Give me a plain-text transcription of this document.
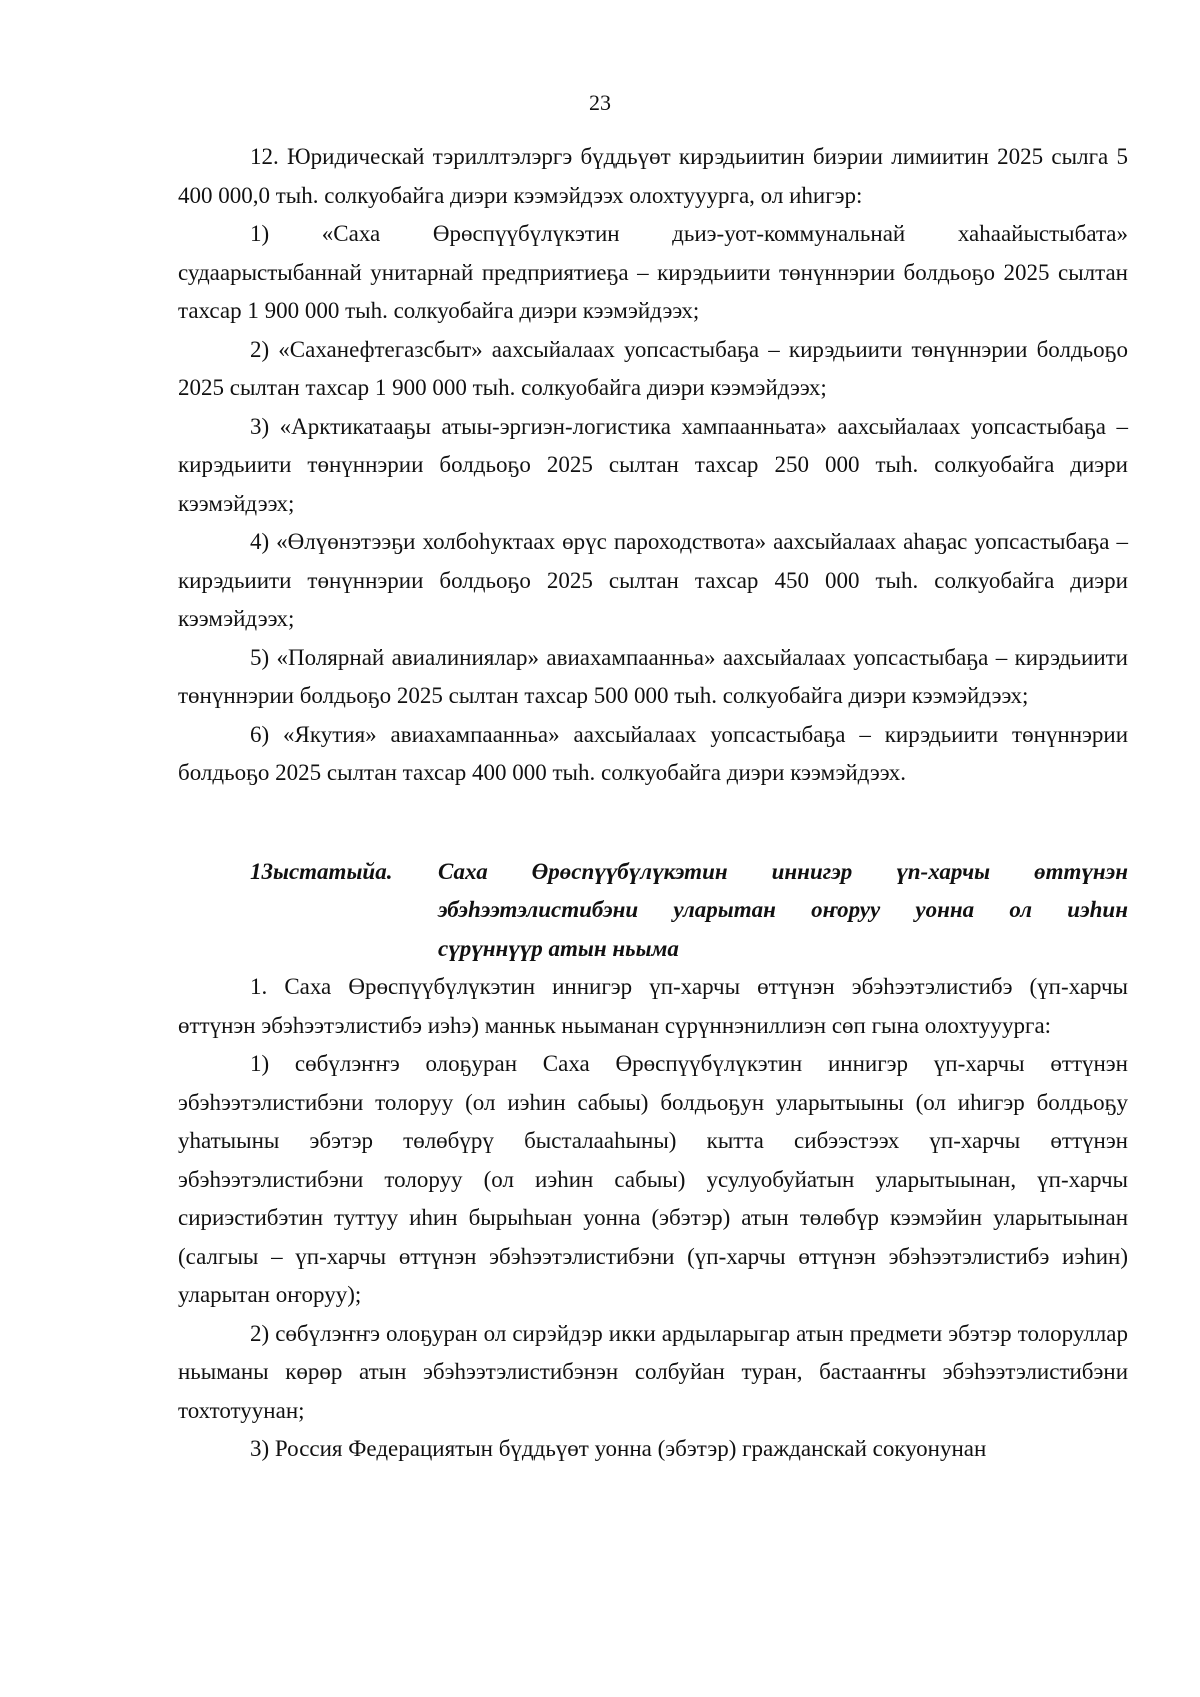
23

12. Юридическай тэриллтэлэргэ бүддьүөт кирэдьиитин биэрии лимиитин 2025 сылга 5 400 000,0 тыһ. солкуобайга диэри кээмэйдээх олохтууурга, ол иһигэр:

1) «Саха Өрөспүүбүлүкэтин дьиэ-уот-коммунальнай хаһаайыстыбата» судаарыстыбаннай унитарнай предприятиеҕа – кирэдьиити төнүннэрии болдьоҕо 2025 сылтан тахсар 1 900 000 тыһ. солкуобайга диэри кээмэйдээх;

2) «Саханефтегазсбыт» аахсыйалаах уопсастыбаҕа – кирэдьиити төнүннэрии болдьоҕо 2025 сылтан тахсар 1 900 000 тыһ. солкуобайга диэри кээмэйдээх;

3) «Арктикатааҕы атыы-эргиэн-логистика хампаанньата» аахсыйалаах уопсастыбаҕа – кирэдьиити төнүннэрии болдьоҕо 2025 сылтан тахсар 250 000 тыһ. солкуобайга диэри кээмэйдээх;

4) «Өлүөнэтээҕи холбоһуктаах өрүс пароходствота» аахсыйалаах аһаҕас уопсастыбаҕа – кирэдьиити төнүннэрии болдьоҕо 2025 сылтан тахсар 450 000 тыһ. солкуобайга диэри кээмэйдээх;

5) «Полярнай авиалиниялар» авиахампаанньа» аахсыйалаах уопсастыбаҕа – кирэдьиити төнүннэрии болдьоҕо 2025 сылтан тахсар 500 000 тыһ. солкуобайга диэри кээмэйдээх;

6) «Якутия» авиахампаанньа» аахсыйалаах уопсастыбаҕа – кирэдьиити төнүннэрии болдьоҕо 2025 сылтан тахсар 400 000 тыһ. солкуобайга диэри кээмэйдээх.

13 ыстатыйа. Саха Өрөспүүбүлүкэтин иннигэр үп-харчы өттүнэн
эбэһээтэлистибэни уларытан оҥоруу уонна ол иэһин
сүрүннүүр атын ньыма

1. Саха Өрөспүүбүлүкэтин иннигэр үп-харчы өттүнэн эбэһээтэлистибэ (үп-харчы өттүнэн эбэһээтэлистибэ иэһэ) манньк ньыманан сүрүннэниллиэн сөп гына олохтууурга:

1) сөбүлэҥҥэ олоҕуран Саха Өрөспүүбүлүкэтин иннигэр үп-харчы өттүнэн эбэһээтэлистибэни толоруу (ол иэһин сабыы) болдьоҕун уларытыыны (ол иһигэр болдьоҕу уһатыыны эбэтэр төлөбүрү бысталааһыны) кытта сибээстээх үп-харчы өттүнэн эбэһээтэлистибэни толоруу (ол иэһин сабыы) усулуобуйатын уларытыынан, үп-харчы сириэстибэтин туттуу иһин бырыһыан уонна (эбэтэр) атын төлөбүр кээмэйин уларытыынан (салгыы – үп-харчы өттүнэн эбэһээтэлистибэни (үп-харчы өттүнэн эбэһээтэлистибэ иэһин) уларытан оҥоруу);

2) сөбүлэҥҥэ олоҕуран ол сирэйдэр икки ардыларыгар атын предмети эбэтэр толоруллар ньыманы көрөр атын эбэһээтэлистибэнэн солбуйан туран, бастааҥҥы эбэһээтэлистибэни тохтотуунан;

3) Россия Федерациятын бүддьүөт уонна (эбэтэр) гражданскай сокуонунан
